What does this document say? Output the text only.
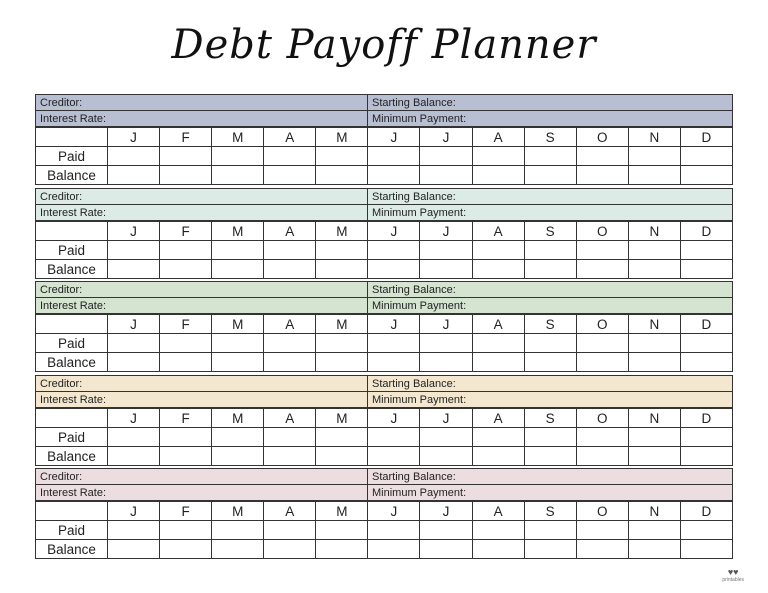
Debt Payoff Planner
Creditor:	Starting Balance:
Interest Rate:	Minimum Payment:
	J	F	M	A	M	J	J	A	S	O	N	D
Paid												
Balance												
Creditor:	Starting Balance:
Interest Rate:	Minimum Payment:
	J	F	M	A	M	J	J	A	S	O	N	D
Paid												
Balance												
Creditor:	Starting Balance:
Interest Rate:	Minimum Payment:
	J	F	M	A	M	J	J	A	S	O	N	D
Paid												
Balance												
Creditor:	Starting Balance:
Interest Rate:	Minimum Payment:
	J	F	M	A	M	J	J	A	S	O	N	D
Paid												
Balance												
Creditor:	Starting Balance:
Interest Rate:	Minimum Payment:
	J	F	M	A	M	J	J	A	S	O	N	D
Paid												
Balance												
♥♥
printables
